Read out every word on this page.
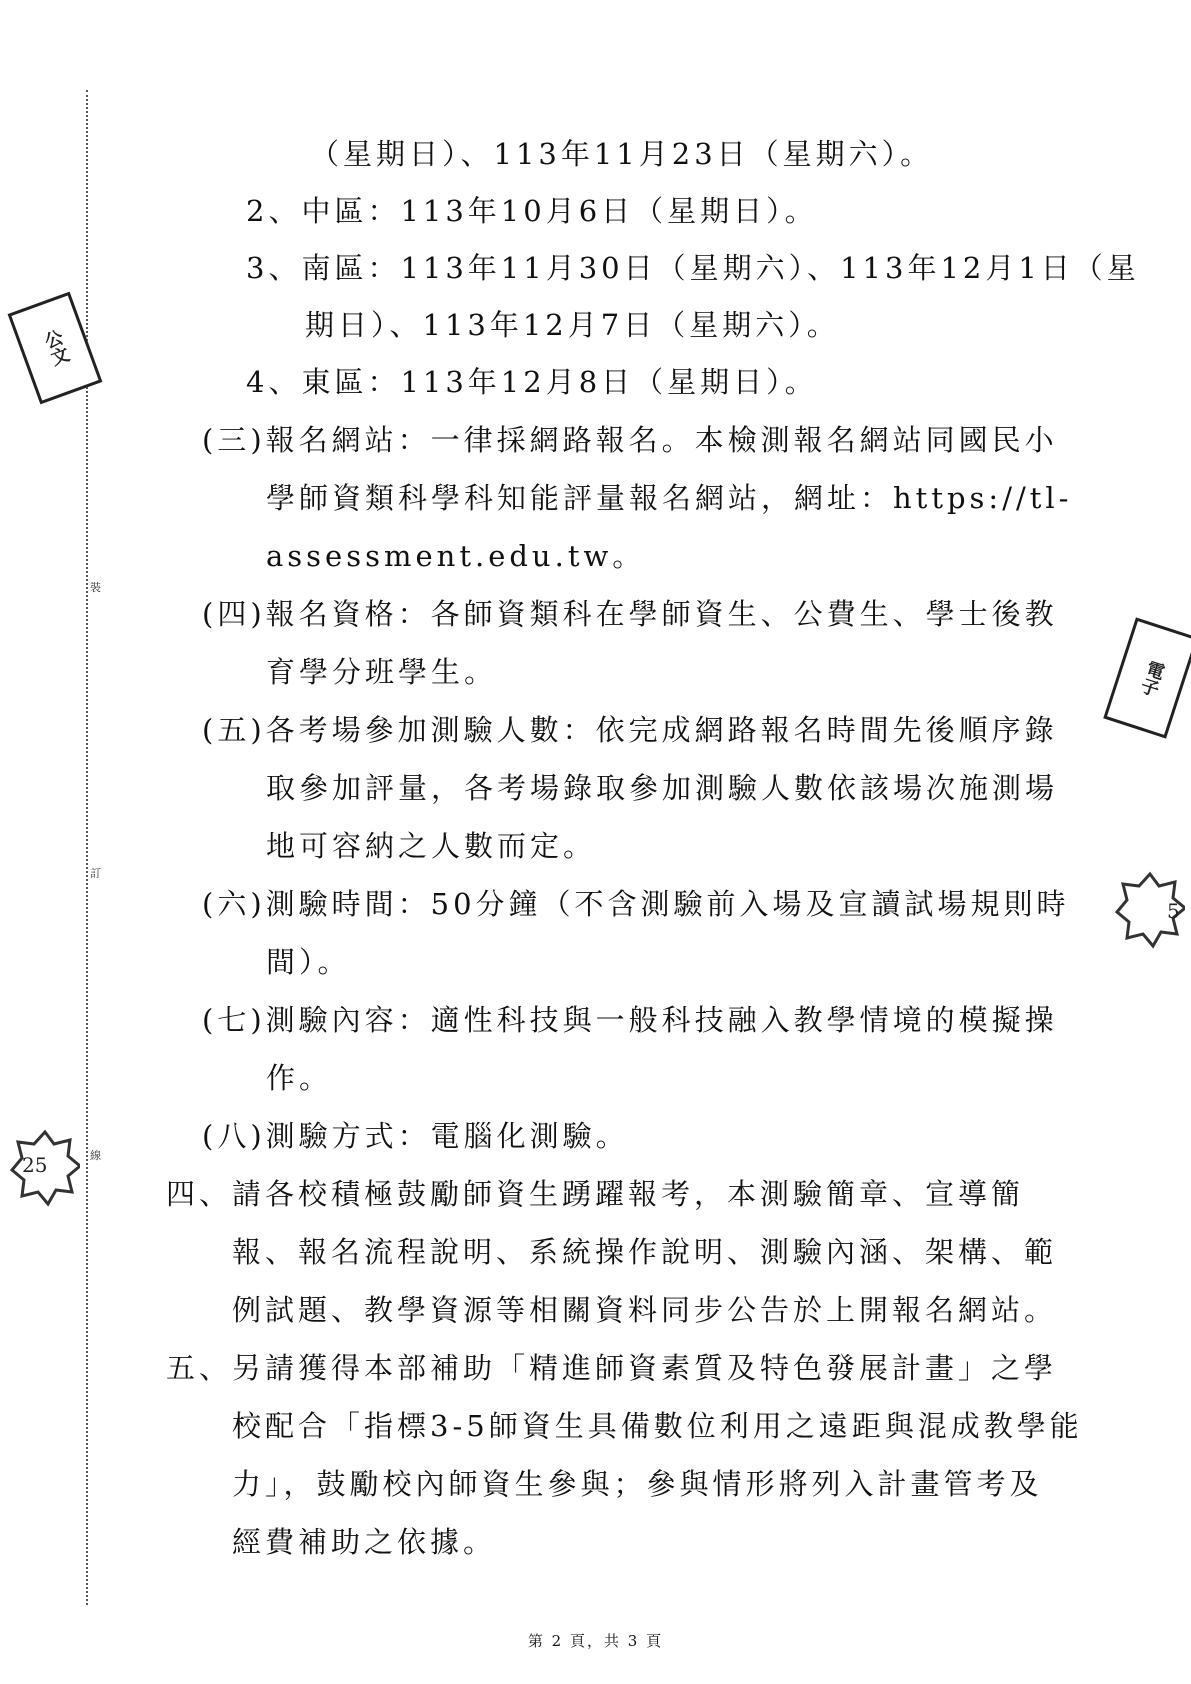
裝
訂
線
公文
電子
5
25
（星期日）、113年11月23日（星期六）。
2、中區：113年10月6日（星期日）。
3、南區：113年11月30日（星期六）、113年12月1日（星
期日）、113年12月7日（星期六）。
4、東區：113年12月8日（星期日）。
(三)報名網站：一律採網路報名。本檢測報名網站同國民小
學師資類科學科知能評量報名網站，網址：https://tl-
assessment.edu.tw。
(四)報名資格：各師資類科在學師資生、公費生、學士後教
育學分班學生。
(五)各考場參加測驗人數：依完成網路報名時間先後順序錄
取參加評量，各考場錄取參加測驗人數依該場次施測場
地可容納之人數而定。
(六)測驗時間：50分鐘（不含測驗前入場及宣讀試場規則時
間）。
(七)測驗內容：適性科技與一般科技融入教學情境的模擬操
作。
(八)測驗方式：電腦化測驗。
四、請各校積極鼓勵師資生踴躍報考，本測驗簡章、宣導簡
報、報名流程說明、系統操作說明、測驗內涵、架構、範
例試題、教學資源等相關資料同步公告於上開報名網站。
五、另請獲得本部補助「精進師資素質及特色發展計畫」之學
校配合「指標3-5師資生具備數位利用之遠距與混成教學能
力」，鼓勵校內師資生參與；參與情形將列入計畫管考及
經費補助之依據。
第 2 頁，共 3 頁
